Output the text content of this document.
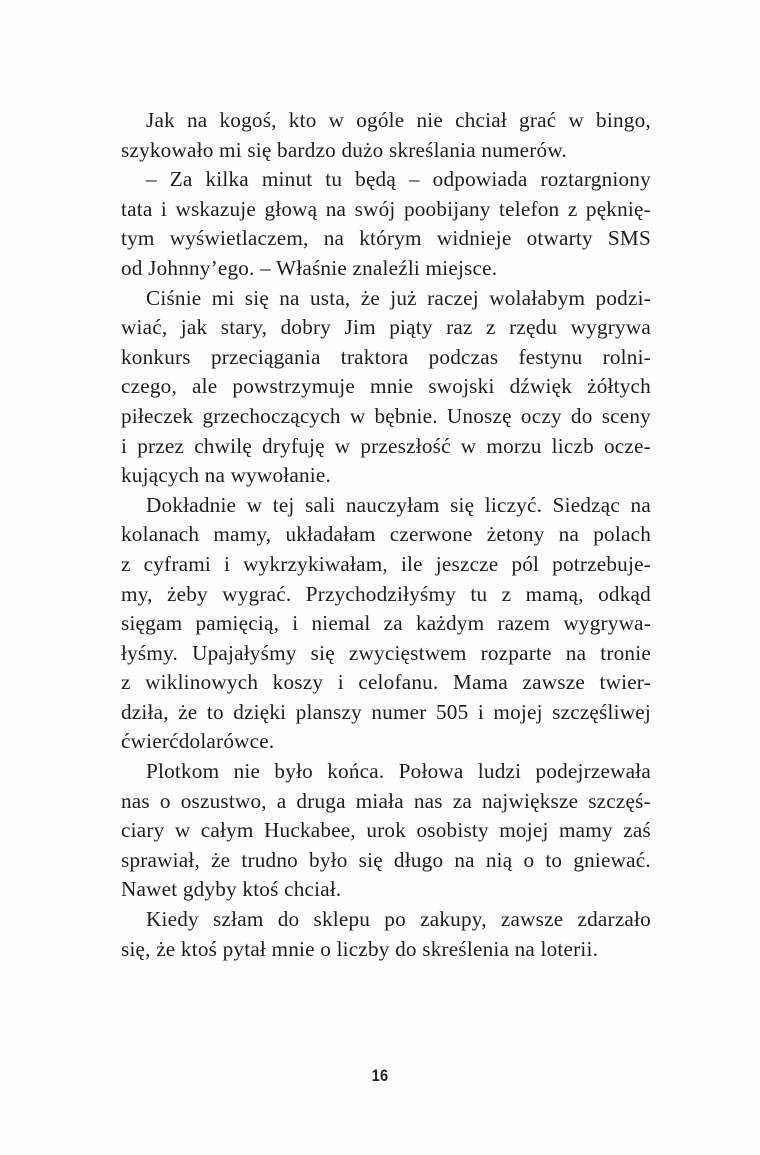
Jak na kogoś, kto w ogóle nie chciał grać w bingo,
szykowało mi się bardzo dużo skreślania numerów.
– Za kilka minut tu będą – odpowiada roztargniony
tata i wskazuje głową na swój poobijany telefon z pęknię-
tym wyświetlaczem, na którym widnieje otwarty SMS
od Johnny’ego. – Właśnie znaleźli miejsce.
Ciśnie mi się na usta, że już raczej wolałabym podzi-
wiać, jak stary, dobry Jim piąty raz z rzędu wygrywa
konkurs przeciągania traktora podczas festynu rolni-
czego, ale powstrzymuje mnie swojski dźwięk żółtych
piłeczek grzechoczących w bębnie. Unoszę oczy do sceny
i przez chwilę dryfuję w przeszłość w morzu liczb ocze-
kujących na wywołanie.
Dokładnie w tej sali nauczyłam się liczyć. Siedząc na
kolanach mamy, układałam czerwone żetony na polach
z cyframi i wykrzykiwałam, ile jeszcze pól potrzebuje-
my, żeby wygrać. Przychodziłyśmy tu z mamą, odkąd
sięgam pamięcią, i niemal za każdym razem wygrywa-
łyśmy. Upajałyśmy się zwycięstwem rozparte na tronie
z wiklinowych koszy i celofanu. Mama zawsze twier-
dziła, że to dzięki planszy numer 505 i mojej szczęśliwej
ćwierćdolarówce.
Plotkom nie było końca. Połowa ludzi podejrzewała
nas o oszustwo, a druga miała nas za największe szczęś-
ciary w całym Huckabee, urok osobisty mojej mamy zaś
sprawiał, że trudno było się długo na nią o to gniewać.
Nawet gdyby ktoś chciał.
Kiedy szłam do sklepu po zakupy, zawsze zdarzało
się, że ktoś pytał mnie o liczby do skreślenia na loterii.
16
